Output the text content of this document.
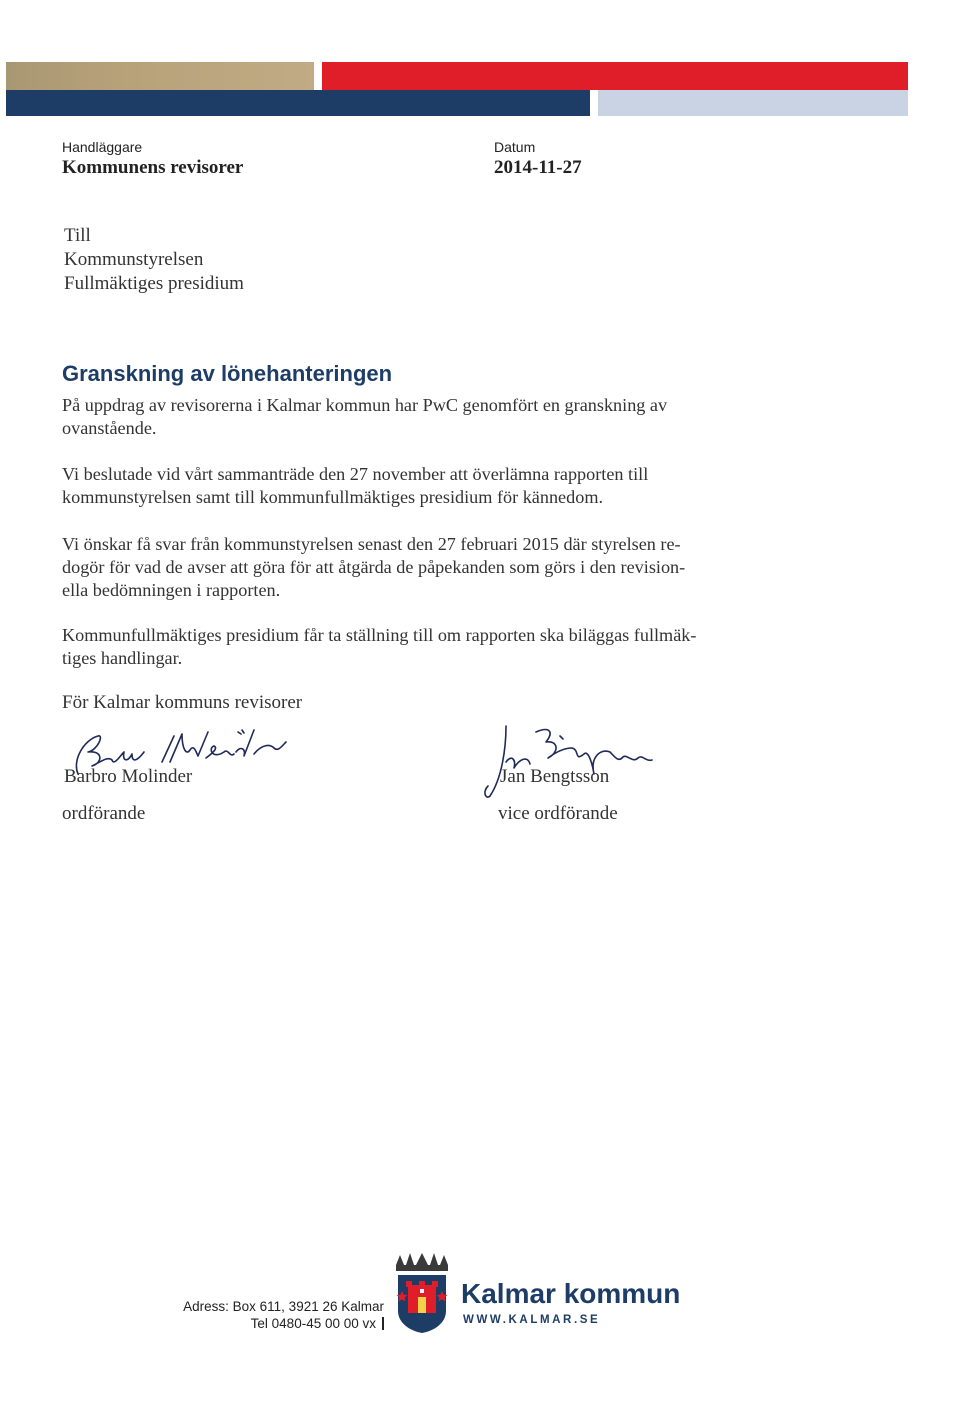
Handläggare
Kommunens revisorer
Datum
2014-11-27
Till
Kommunstyrelsen
Fullmäktiges presidium
Granskning av lönehanteringen
På uppdrag av revisorerna i Kalmar kommun har PwC genomfört en granskning av
ovanstående.
Vi beslutade vid vårt sammanträde den 27 november att överlämna rapporten till
kommunstyrelsen samt till kommunfullmäktiges presidium för kännedom.
Vi önskar få svar från kommunstyrelsen senast den 27 februari 2015 där styrelsen re-
dogör för vad de avser att göra för att åtgärda de påpekanden som görs i den revision-
ella bedömningen i rapporten.
Kommunfullmäktiges presidium får ta ställning till om rapporten ska biläggas fullmäk-
tiges handlingar.
För Kalmar kommuns revisorer
Barbro Molinder
ordförande
Jan Bengtsson
vice ordförande
Adress: Box 611, 3921 26 Kalmar
Tel 0480-45 00 00 vx
Kalmar kommun
WWW.KALMAR.SE
